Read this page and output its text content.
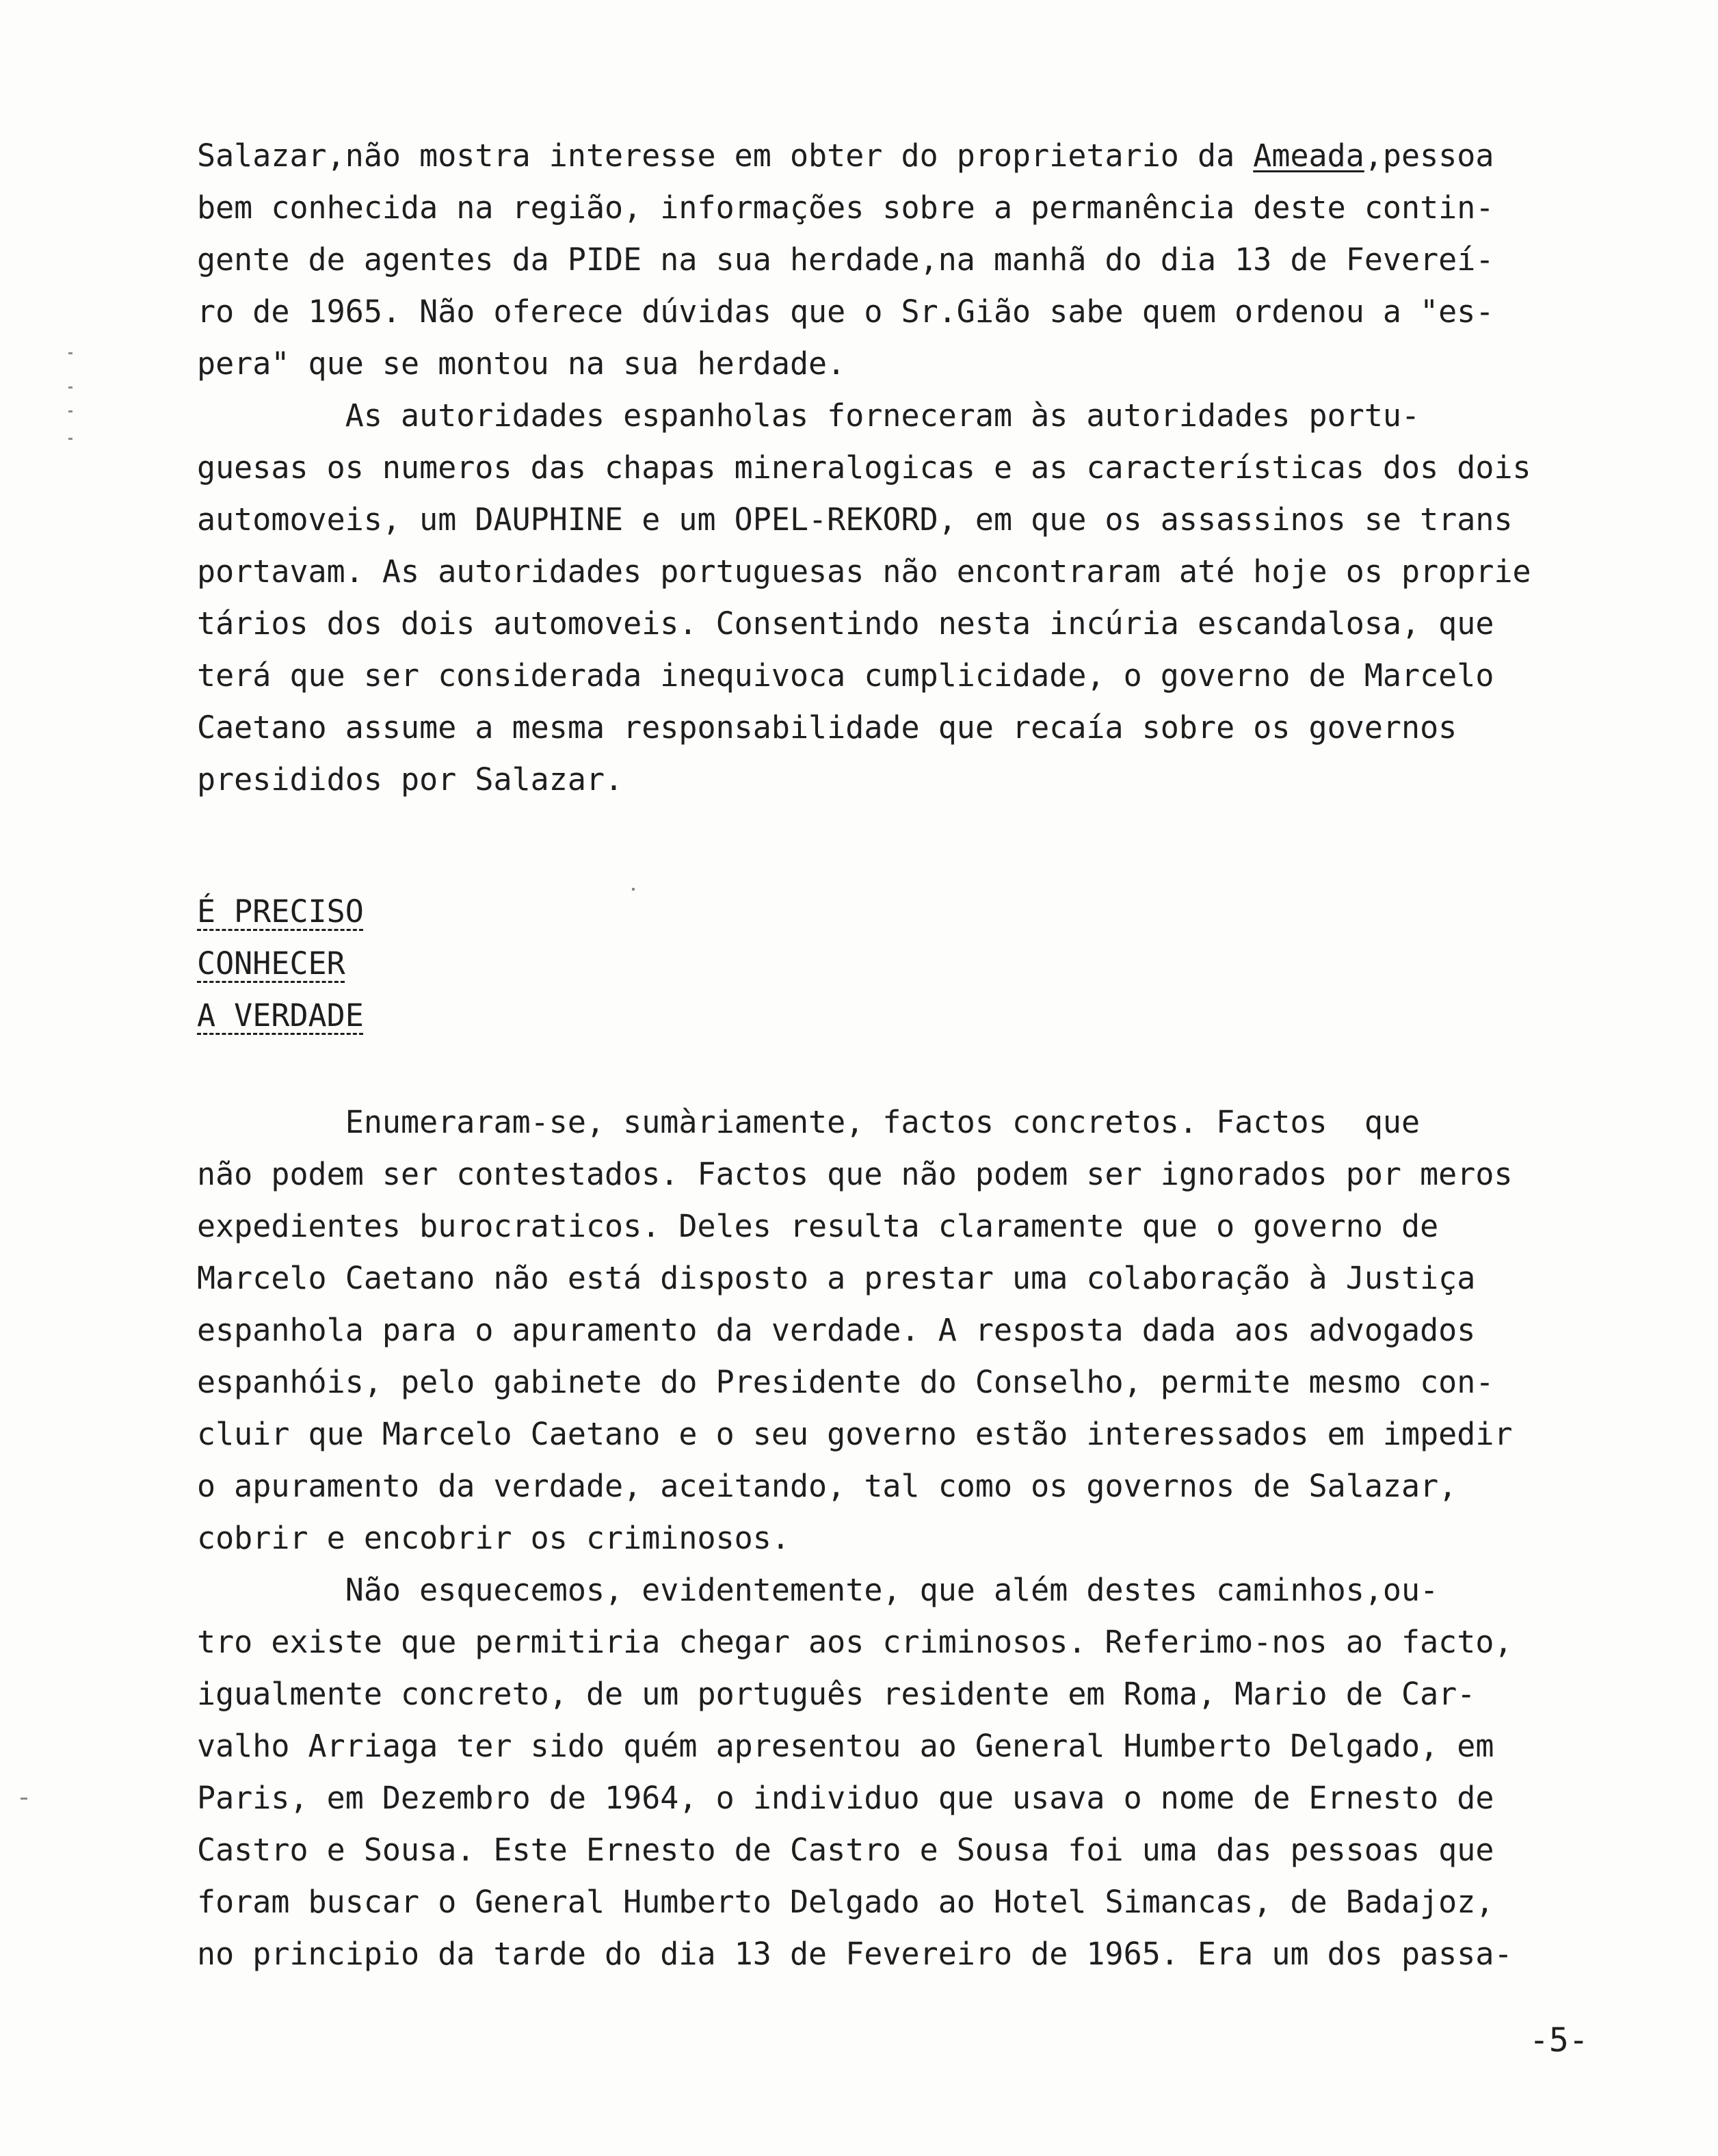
Salazar,não mostra interesse em obter do proprietario da Ameada,pessoa
bem conhecida na região, informações sobre a permanência deste contin-
gente de agentes da PIDE na sua herdade,na manhã do dia 13 de Fevereí-
ro de 1965. Não oferece dúvidas que o Sr.Gião sabe quem ordenou a "es-
pera" que se montou na sua herdade.
As autoridades espanholas forneceram às autoridades portu-
guesas os numeros das chapas mineralogicas e as características dos dois
automoveis, um DAUPHINE e um OPEL-REKORD, em que os assassinos se trans
portavam. As autoridades portuguesas não encontraram até hoje os proprie
tários dos dois automoveis. Consentindo nesta incúria escandalosa, que
terá que ser considerada inequivoca cumplicidade, o governo de Marcelo
Caetano assume a mesma responsabilidade que recaía sobre os governos
presididos por Salazar.
É PRECISO
CONHECER
A VERDADE
Enumeraram-se, sumàriamente, factos concretos. Factos  que
não podem ser contestados. Factos que não podem ser ignorados por meros
expedientes burocraticos. Deles resulta claramente que o governo de
Marcelo Caetano não está disposto a prestar uma colaboração à Justiça
espanhola para o apuramento da verdade. A resposta dada aos advogados
espanhóis, pelo gabinete do Presidente do Conselho, permite mesmo con-
cluir que Marcelo Caetano e o seu governo estão interessados em impedir
o apuramento da verdade, aceitando, tal como os governos de Salazar,
cobrir e encobrir os criminosos.
Não esquecemos, evidentemente, que além destes caminhos,ou-
tro existe que permitiria chegar aos criminosos. Referimo-nos ao facto,
igualmente concreto, de um português residente em Roma, Mario de Car-
valho Arriaga ter sido quém apresentou ao General Humberto Delgado, em
Paris, em Dezembro de 1964, o individuo que usava o nome de Ernesto de
Castro e Sousa. Este Ernesto de Castro e Sousa foi uma das pessoas que
foram buscar o General Humberto Delgado ao Hotel Simancas, de Badajoz,
no principio da tarde do dia 13 de Fevereiro de 1965. Era um dos passa-
-5-
